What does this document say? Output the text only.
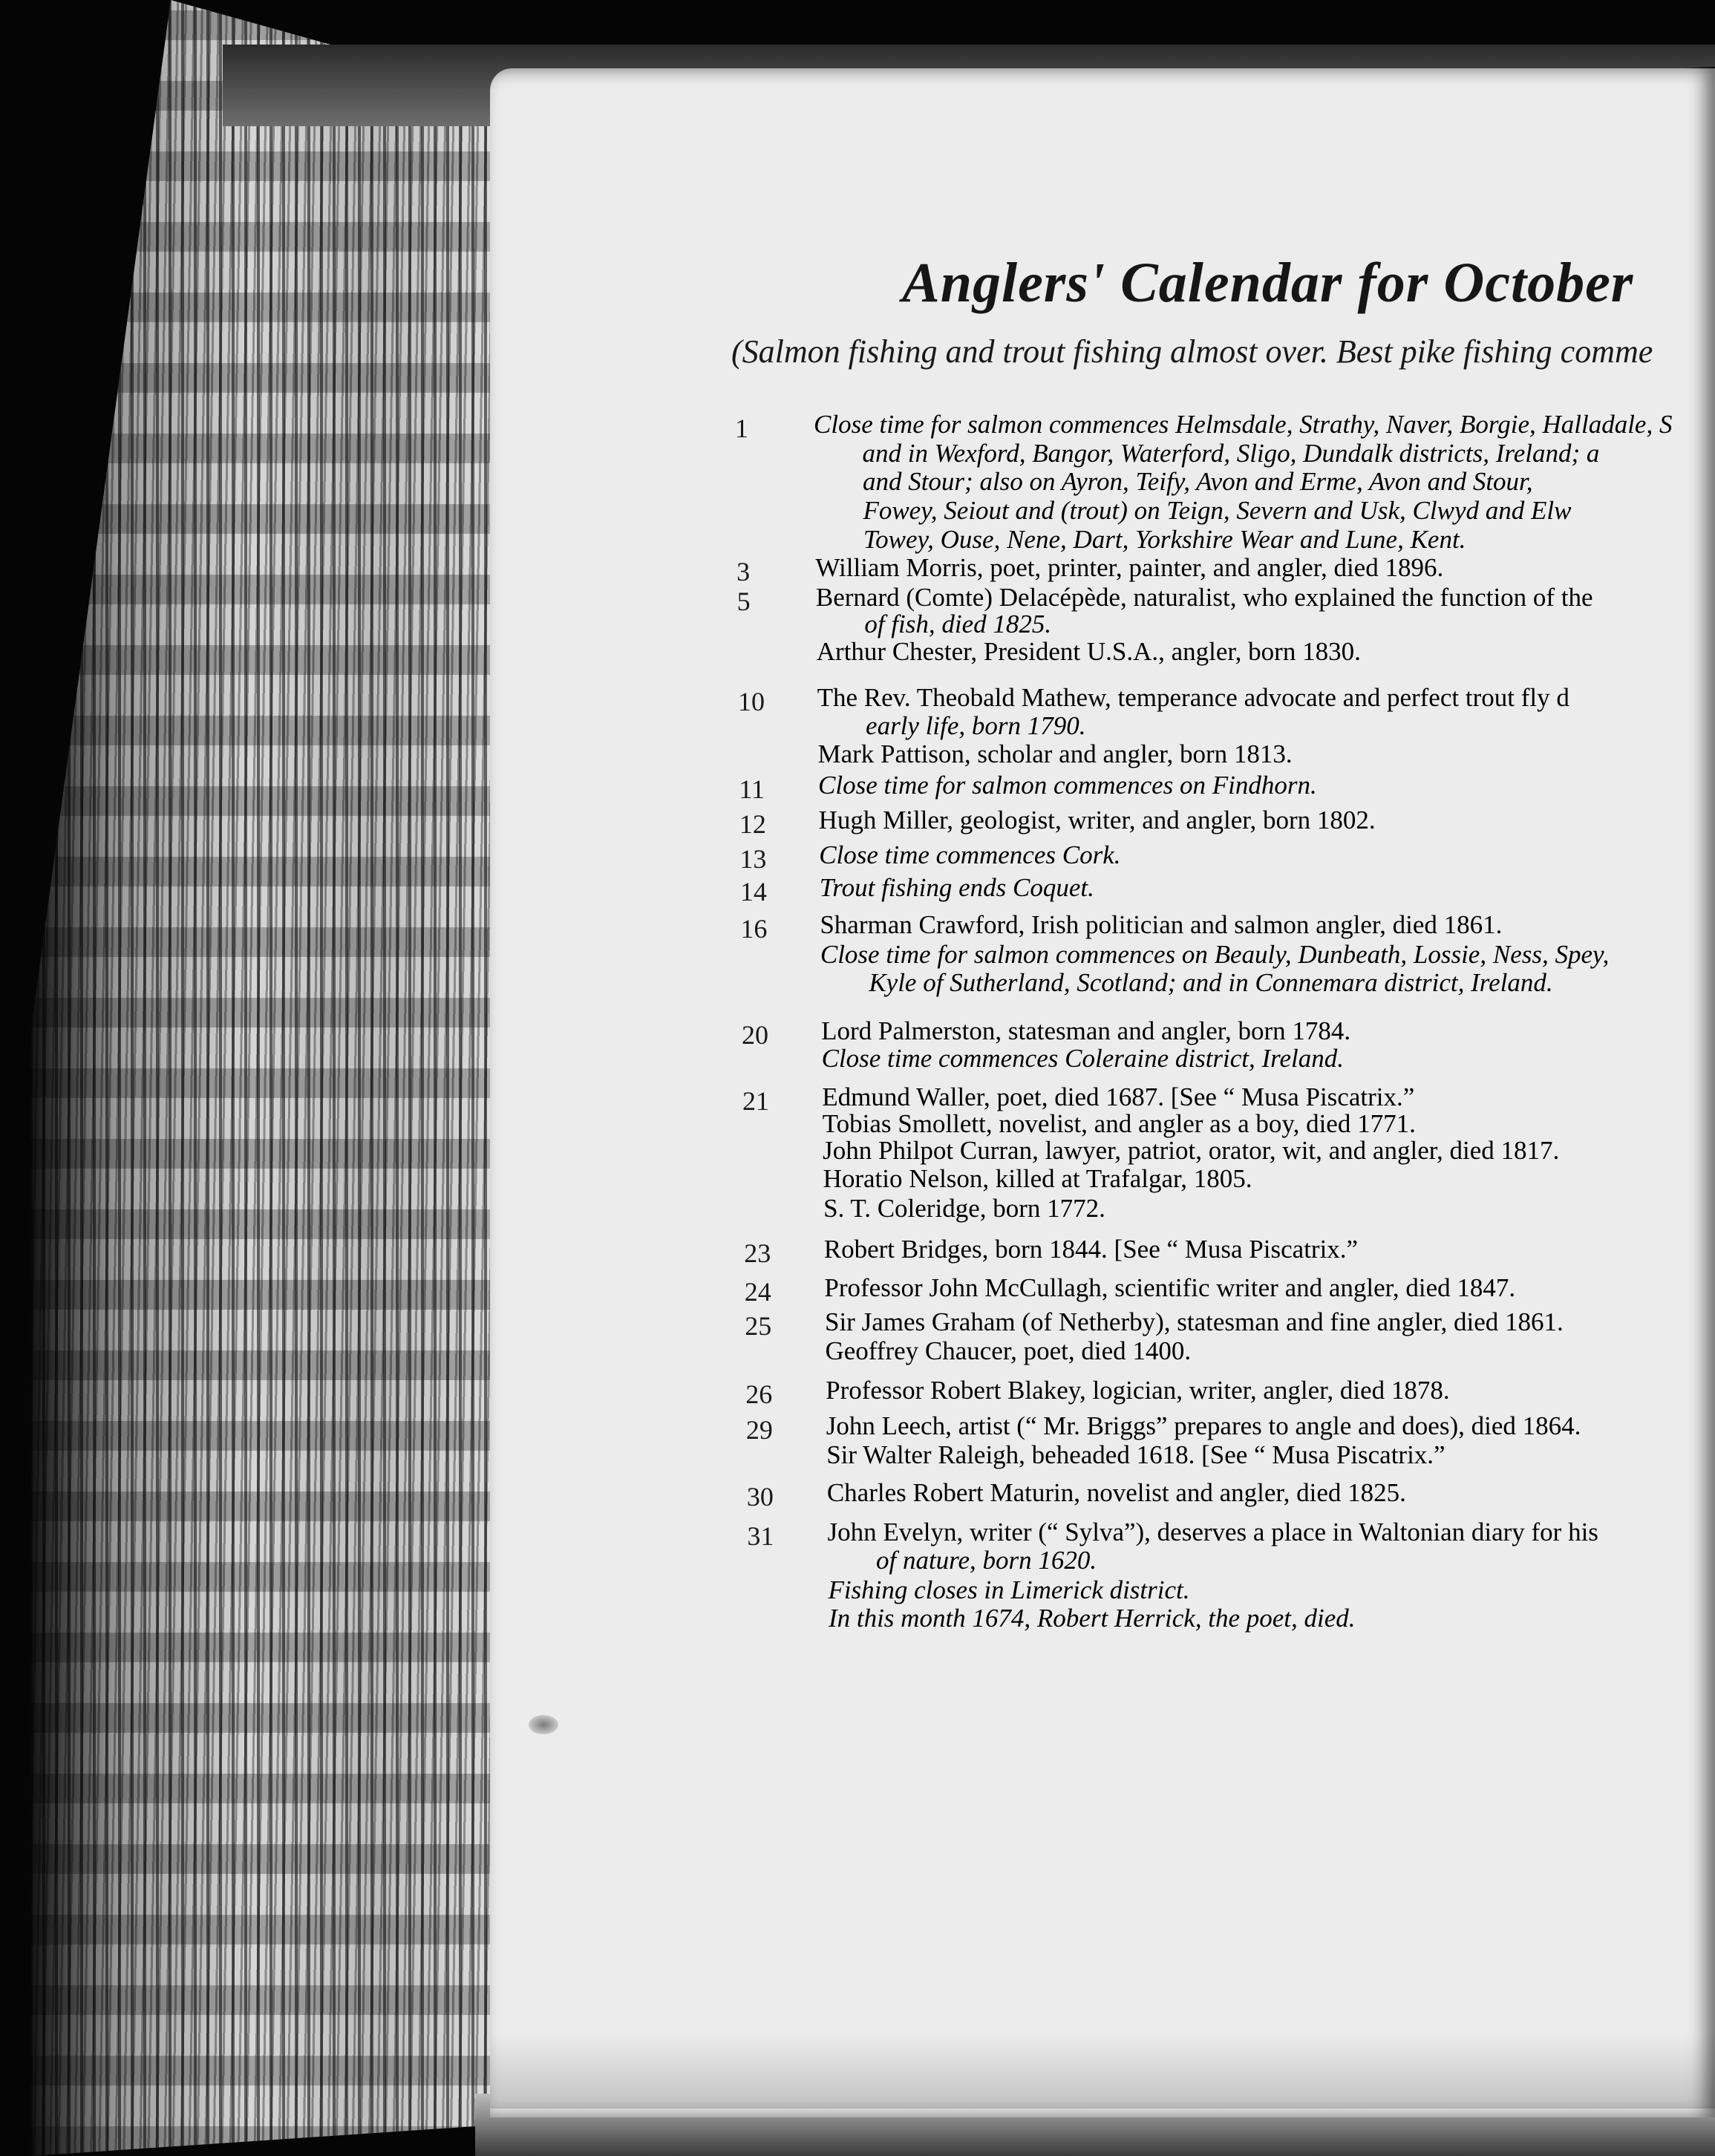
Anglers' Calendar for October
(Salmon fishing and trout fishing almost over. Best pike fishing comme
1	Close time for salmon commences Helmsdale, Strathy, Naver, Borgie, Halladale, S
and in Wexford, Bangor, Waterford, Sligo, Dundalk districts, Ireland; a
and Stour; also on Ayron, Teify, Avon and Erme, Avon and Stour,
Fowey, Seiout and (trout) on Teign, Severn and Usk, Clwyd and Elw
Towey, Ouse, Nene, Dart, Yorkshire Wear and Lune, Kent.
3	William Morris, poet, printer, painter, and angler, died 1896.
5	Bernard (Comte) Delacépède, naturalist, who explained the function of the
of fish, died 1825.
Arthur Chester, President U.S.A., angler, born 1830.
10 The Rev. Theobald Mathew, temperance advocate and perfect trout fly d
early life, born 1790.
Mark Pattison, scholar and angler, born 1813.
11 Close time for salmon commences on Findhorn.
12 Hugh Miller, geologist, writer, and angler, born 1802.
13 Close time commences Cork.
14 Trout fishing ends Coquet.
16 Sharman Crawford, Irish politician and salmon angler, died 1861.
Close time for salmon commences on Beauly, Dunbeath, Lossie, Ness, Spey,
Kyle of Sutherland, Scotland; and in Connemara district, Ireland.
20 Lord Palmerston, statesman and angler, born 1784.
Close time commences Coleraine district, Ireland.
21 Edmund Waller, poet, died 1687. [See “ Musa Piscatrix.”
Tobias Smollett, novelist, and angler as a boy, died 1771.
John Philpot Curran, lawyer, patriot, orator, wit, and angler, died 1817.
Horatio Nelson, killed at Trafalgar, 1805.
S. T. Coleridge, born 1772.
23 Robert Bridges, born 1844. [See “ Musa Piscatrix.”
24 Professor John McCullagh, scientific writer and angler, died 1847.
25 Sir James Graham (of Netherby), statesman and fine angler, died 1861.
Geoffrey Chaucer, poet, died 1400.
26 Professor Robert Blakey, logician, writer, angler, died 1878.
29 John Leech, artist (“ Mr. Briggs” prepares to angle and does), died 1864.
Sir Walter Raleigh, beheaded 1618. [See “ Musa Piscatrix.”
30 Charles Robert Maturin, novelist and angler, died 1825.
31 John Evelyn, writer (“ Sylva”), deserves a place in Waltonian diary for his
of nature, born 1620.
Fishing closes in Limerick district.
In this month 1674, Robert Herrick, the poet, died.
